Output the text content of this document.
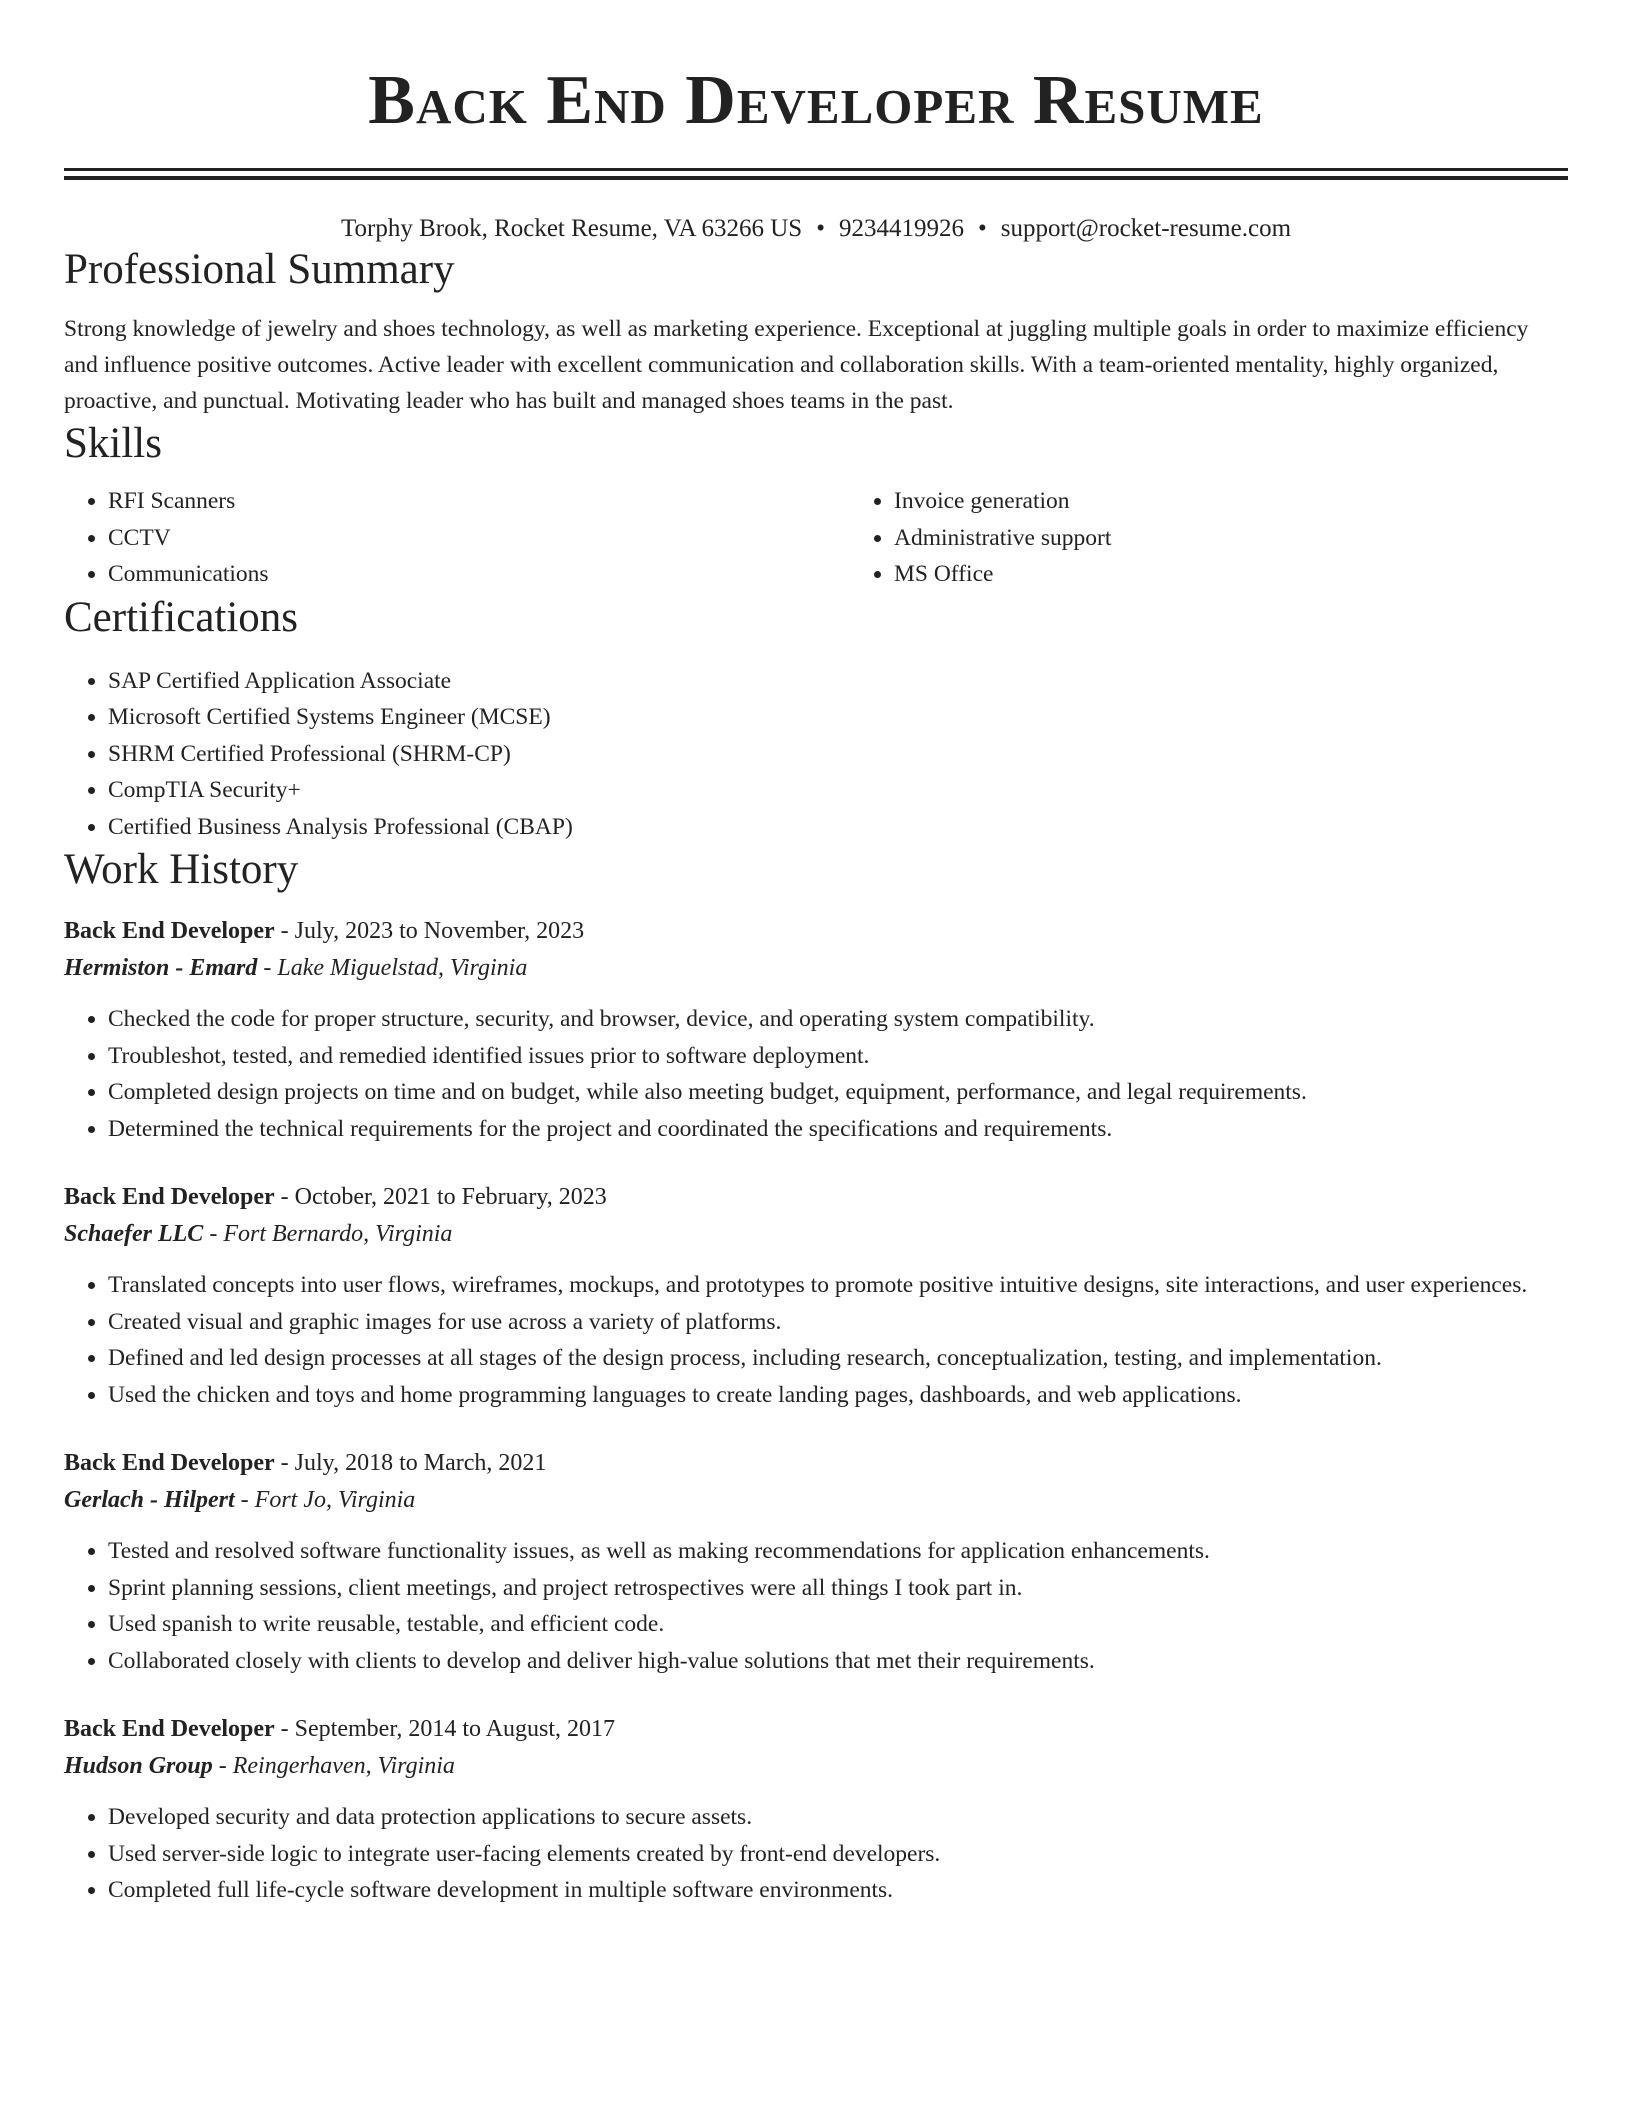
Back End Developer Resume
Torphy Brook, Rocket Resume, VA 63266 US • 9234419926 • support@rocket-resume.com
Professional Summary

Strong knowledge of jewelry and shoes technology, as well as marketing experience. Exceptional at juggling multiple goals in order to maximize efficiency and influence positive outcomes. Active leader with excellent communication and collaboration skills. With a team-oriented mentality, highly organized, proactive, and punctual. Motivating leader who has built and managed shoes teams in the past.

Skills
• RFI Scanners
• CCTV
• Communications
• Invoice generation
• Administrative support
• MS Office
Certifications
• SAP Certified Application Associate
• Microsoft Certified Systems Engineer (MCSE)
• SHRM Certified Professional (SHRM-CP)
• CompTIA Security+
• Certified Business Analysis Professional (CBAP)
Work History
Back End Developer - July, 2023 to November, 2023
Hermiston - Emard - Lake Miguelstad, Virginia
• Checked the code for proper structure, security, and browser, device, and operating system compatibility.
• Troubleshot, tested, and remedied identified issues prior to software deployment.
• Completed design projects on time and on budget, while also meeting budget, equipment, performance, and legal requirements.
• Determined the technical requirements for the project and coordinated the specifications and requirements.
Back End Developer - October, 2021 to February, 2023
Schaefer LLC - Fort Bernardo, Virginia
• Translated concepts into user flows, wireframes, mockups, and prototypes to promote positive intuitive designs, site interactions, and user experiences.
• Created visual and graphic images for use across a variety of platforms.
• Defined and led design processes at all stages of the design process, including research, conceptualization, testing, and implementation.
• Used the chicken and toys and home programming languages to create landing pages, dashboards, and web applications.
Back End Developer - July, 2018 to March, 2021
Gerlach - Hilpert - Fort Jo, Virginia
• Tested and resolved software functionality issues, as well as making recommendations for application enhancements.
• Sprint planning sessions, client meetings, and project retrospectives were all things I took part in.
• Used spanish to write reusable, testable, and efficient code.
• Collaborated closely with clients to develop and deliver high-value solutions that met their requirements.
Back End Developer - September, 2014 to August, 2017
Hudson Group - Reingerhaven, Virginia
• Developed security and data protection applications to secure assets.
• Used server-side logic to integrate user-facing elements created by front-end developers.
• Completed full life-cycle software development in multiple software environments.
